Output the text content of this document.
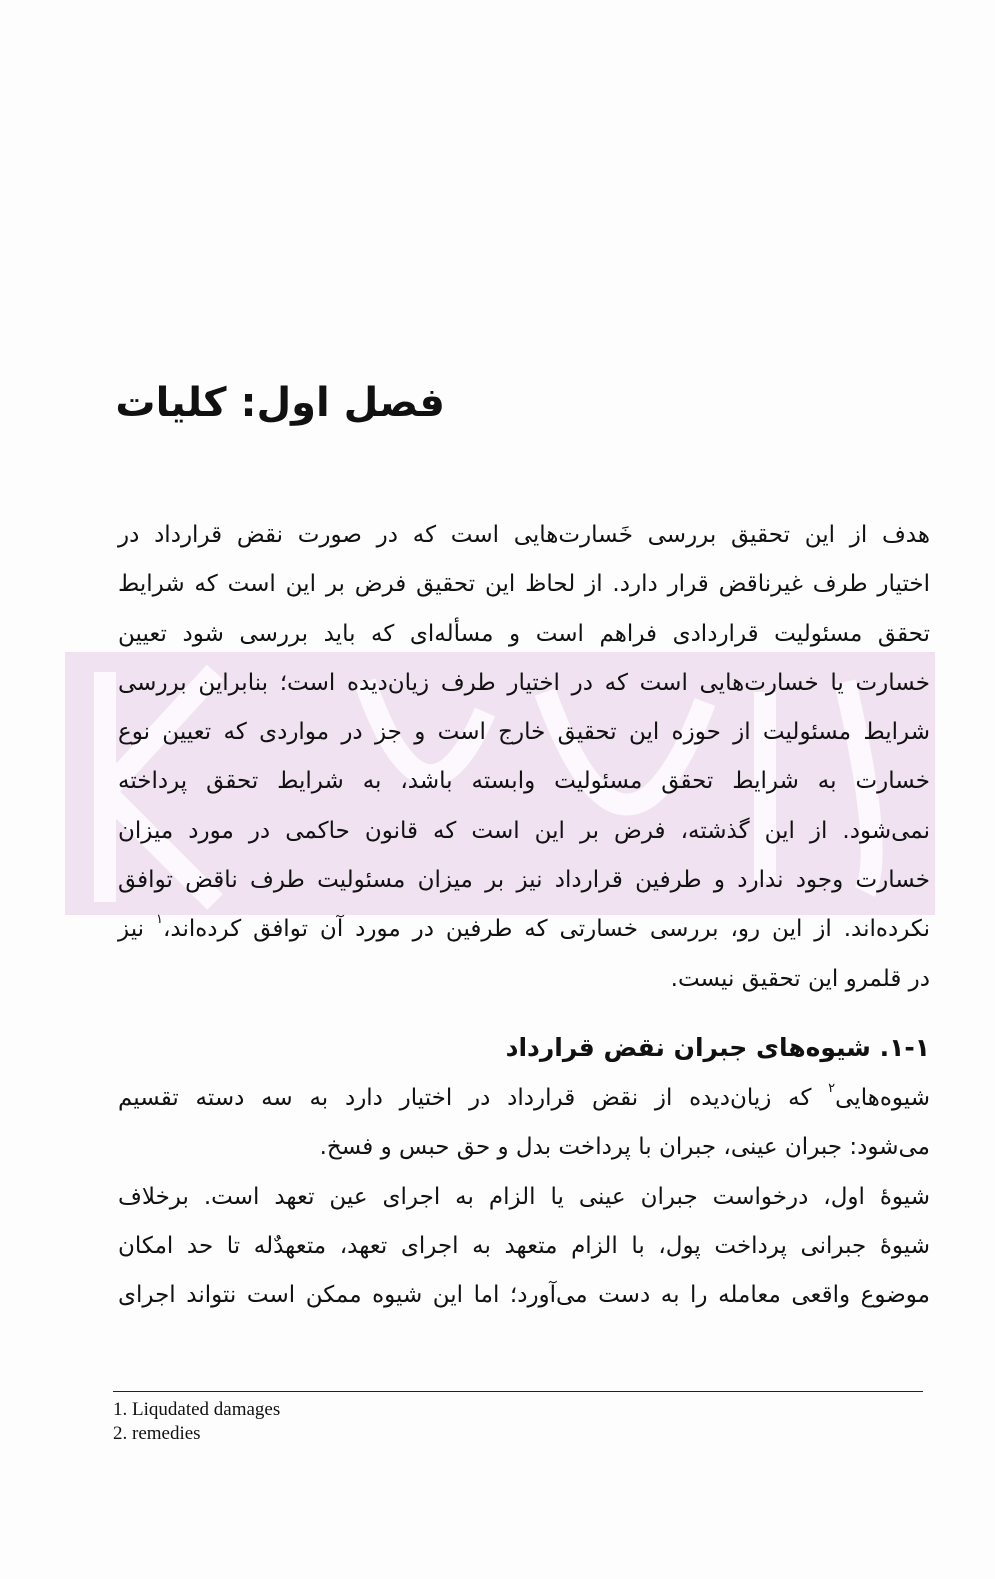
فصل اول: کلیات
هدف از این تحقیق بررسی خَسارت‌هایی است که در صورت نقض قرارداد در
اختیار طرف غیرناقض قرار دارد. از لحاظ این تحقیق فرض بر این است که شرایط
تحقق مسئولیت قراردادی فراهم است و مسأله‌ای که باید بررسی شود تعیین
خسارت یا خسارت‌هایی است که در اختیار طرف زیان‌دیده است؛ بنابراین بررسی
شرایط مسئولیت از حوزه این تحقیق خارج است و جز در مواردی که تعیین نوع
خسارت به شرایط تحقق مسئولیت وابسته باشد، به شرایط تحقق پرداخته
نمی‌شود. از این گذشته، فرض بر این است که قانون حاکمی در مورد میزان
خسارت وجود ندارد و طرفین قرارداد نیز بر میزان مسئولیت طرف ناقض توافق
نکرده‌اند. از این رو، بررسی خسارتی که طرفین در مورد آن توافق کرده‌اند،$^۱$ نیز
در قلمرو این تحقیق نیست.
۱-۱. شیوه‌های جبران نقض قرارداد
شیوه‌هایی$^۲$ که زیان‌دیده از نقض قرارداد در اختیار دارد به سه دسته تقسیم
می‌شود: جبران عینی، جبران با پرداخت بدل و حق حبس و فسخ.
شیوهٔ اول، درخواست جبران عینی یا الزام به اجرای عین تعهد است. برخلاف
شیوهٔ جبرانی پرداخت پول، با الزام متعهد به اجرای تعهد، متعهدٌله تا حد امکان
موضوع واقعی معامله را به دست می‌آورد؛ اما این شیوه ممکن است نتواند اجرای
1. Liqudated damages
2. remedies
